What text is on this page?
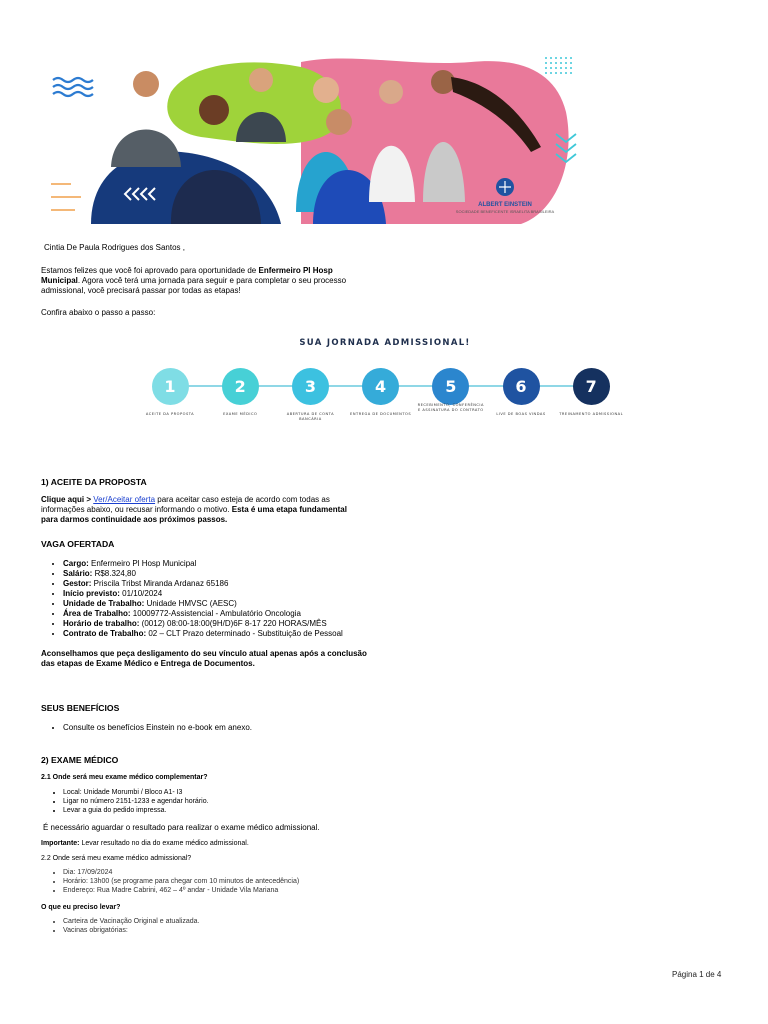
ALBERT EINSTEIN
SOCIEDADE BENEFICENTE ISRAELITA BRASILEIRA

Cintia De Paula Rodrigues dos Santos ,

Estamos felizes que você foi aprovado para oportunidade de Enfermeiro Pl Hosp Municipal. Agora você terá uma jornada para seguir e para completar o seu processo admissional, você precisará passar por todas as etapas!

Confira abaixo o passo a passo:

SUA JORNADA ADMISSIONAL!
1
ACEITE DA PROPOSTA
2
EXAME MÉDICO
3
ABERTURA DE CONTA BANCÁRIA
4
ENTREGA DE DOCUMENTOS
5
RECEBIMENTO, CONFERÊNCIA E ASSINATURA DO CONTRATO
6
LIVE DE BOAS VINDAS
7
TREINAMENTO ADMISSIONAL

1) ACEITE DA PROPOSTA

Clique aqui > Ver/Aceitar oferta para aceitar caso esteja de acordo com todas as informações abaixo, ou recusar informando o motivo. Esta é uma etapa fundamental para darmos continuidade aos próximos passos.

VAGA OFERTADA

• Cargo: Enfermeiro Pl Hosp Municipal
• Salário: R$8.324,80
• Gestor: Priscila Tribst Miranda Ardanaz 65186
• Início previsto: 01/10/2024
• Unidade de Trabalho: Unidade HMVSC (AESC)
• Área de Trabalho: 10009772-Assistencial - Ambulatório Oncologia
• Horário de trabalho: (0012) 08:00-18:00(9H/D)6F 8-17 220 HORAS/MÊS
• Contrato de Trabalho: 02 – CLT Prazo determinado - Substituição de Pessoal

Aconselhamos que peça desligamento do seu vínculo atual apenas após a conclusão das etapas de Exame Médico e Entrega de Documentos.

SEUS BENEFÍCIOS

• Consulte os benefícios Einstein no e-book em anexo.

2) EXAME MÉDICO

2.1 Onde será meu exame médico complementar?

• Local: Unidade Morumbi / Bloco A1- I3
• Ligar no número 2151-1233 e agendar horário.
• Levar a guia do pedido impressa.

É necessário aguardar o resultado para realizar o exame médico admissional.

Importante: Levar resultado no dia do exame médico admissional.

2.2 Onde será meu exame médico admissional?

• Dia: 17/09/2024
• Horário: 13h00 (se programe para chegar com 10 minutos de antecedência)
• Endereço: Rua Madre Cabrini, 462 – 4º andar - Unidade Vila Mariana

O que eu preciso levar?

• Carteira de Vacinação Original e atualizada.
• Vacinas obrigatórias:
Página 1 de 4
